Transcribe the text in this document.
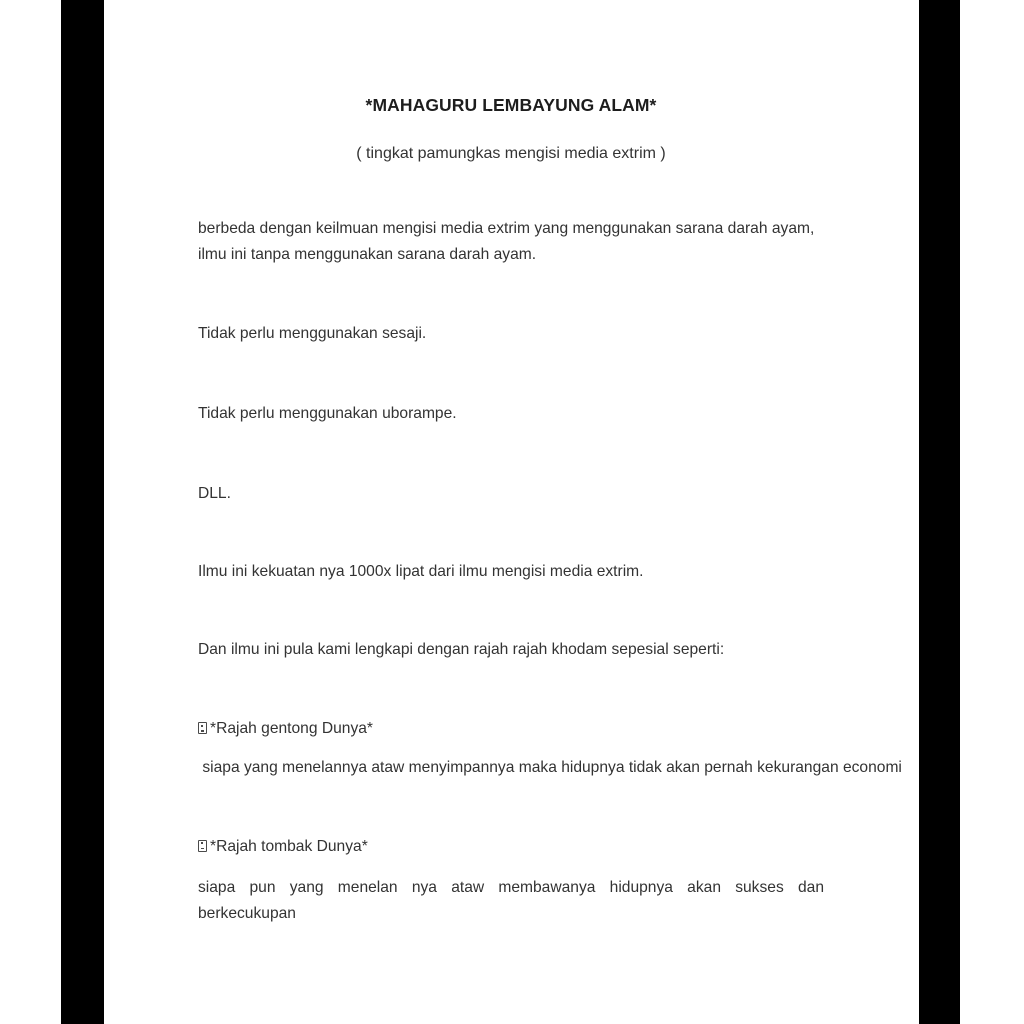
*MAHAGURU LEMBAYUNG ALAM*

( tingkat pamungkas mengisi media extrim )

berbeda dengan keilmuan mengisi media extrim yang menggunakan sarana darah ayam, ilmu ini tanpa menggunakan sarana darah ayam.

Tidak perlu menggunakan sesaji.

Tidak perlu menggunakan uborampe.

DLL.

Ilmu ini kekuatan nya 1000x lipat dari ilmu mengisi media extrim.

Dan ilmu ini pula kami lengkapi dengan rajah rajah khodam sepesial seperti:

*Rajah gentong Dunya*

siapa yang menelannya ataw menyimpannya maka hidupnya tidak akan pernah kekurangan economi

*Rajah tombak Dunya*

siapa pun yang menelan nya ataw membawanya hidupnya akan sukses dan berkecukupan
